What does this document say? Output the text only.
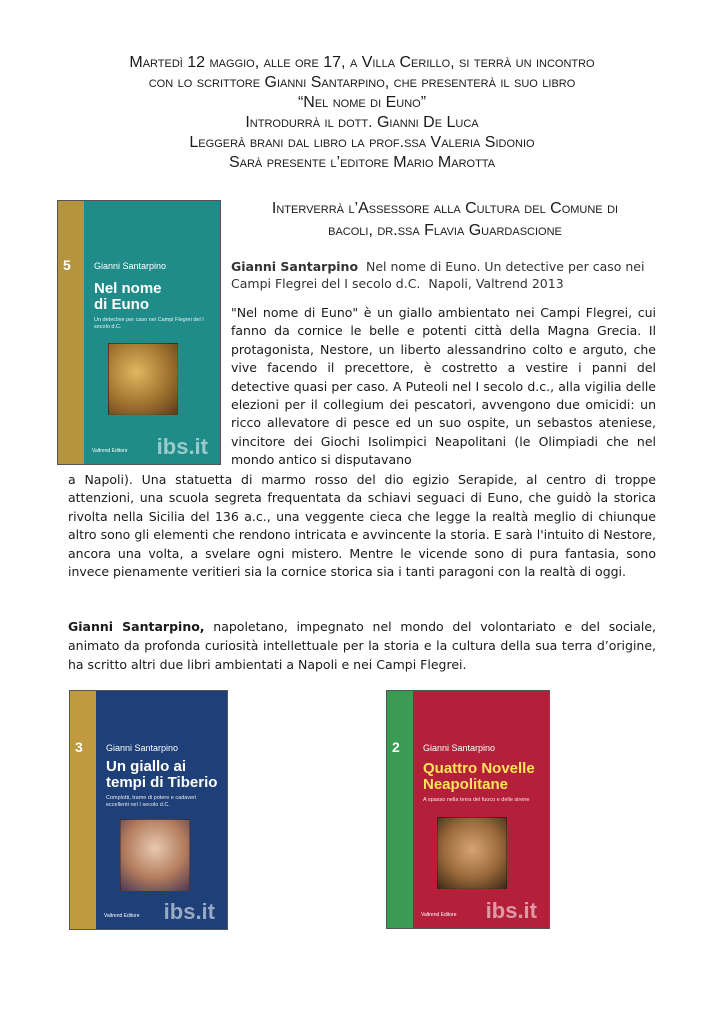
Martedì 12 maggio, alle ore 17, a Villa Cerillo, si terrà un incontro
con lo scrittore Gianni Santarpino, che presenterà il suo libro
“Nel nome di Euno”
Introdurrà il dott. Gianni De Luca
Leggerà brani dal libro la prof.ssa Valeria Sidonio
Sarà presente l’editore Mario Marotta
5	Gianni Santarpino
Nel nome
di Euno
Un detective per caso nei Campi Flegrei del I secolo d.C.
Valtrend Editore ibs.it
Interverrà l’Assessore alla Cultura del Comune di
bacoli, dr.ssa Flavia Guardascione
Gianni Santarpino Nel nome di Euno. Un detective per caso nei Campi Flegrei del I secolo d.C. Napoli, Valtrend 2013
"Nel nome di Euno" è un giallo ambientato nei Campi Flegrei, cui fanno da cornice le belle e potenti città della Magna Grecia. Il protagonista, Nestore, un liberto alessandrino colto e arguto, che vive facendo il precettore, è costretto a vestire i panni del detective quasi per caso. A Puteoli nel I secolo d.c., alla vigilia delle elezioni per il collegium dei pescatori, avvengono due omicidi: un ricco allevatore di pesce ed un suo ospite, un sebastos ateniese, vincitore dei Giochi Isolimpici Neapolitani (le Olimpiadi che nel mondo antico si disputavano
a Napoli). Una statuetta di marmo rosso del dio egizio Serapide, al centro di troppe attenzioni, una scuola segreta frequentata da schiavi seguaci di Euno, che guidò la storica rivolta nella Sicilia del 136 a.c., una veggente cieca che legge la realtà meglio di chiunque altro sono gli elementi che rendono intricata e avvincente la storia. E sarà l'intuito di Nestore, ancora una volta, a svelare ogni mistero. Mentre le vicende sono di pura fantasia, sono invece pienamente veritieri sia la cornice storica sia i tanti paragoni con la realtà di oggi.
Gianni Santarpino, napoletano, impegnato nel mondo del volontariato e del sociale, animato da profonda curiosità intellettuale per la storia e la cultura della sua terra d’origine, ha scritto altri due libri ambientati a Napoli e nei Campi Flegrei.
3	Gianni Santarpino
Un giallo ai
tempi di Tiberio
Complotti, trame di potere e cadaveri eccellenti nel I secolo d.C.
Valtrend Editore ibs.it
2	Gianni Santarpino
Quattro Novelle
Neapolitane
A spasso nella terra del fuoco e delle sirene
Valtrend Editore ibs.it
